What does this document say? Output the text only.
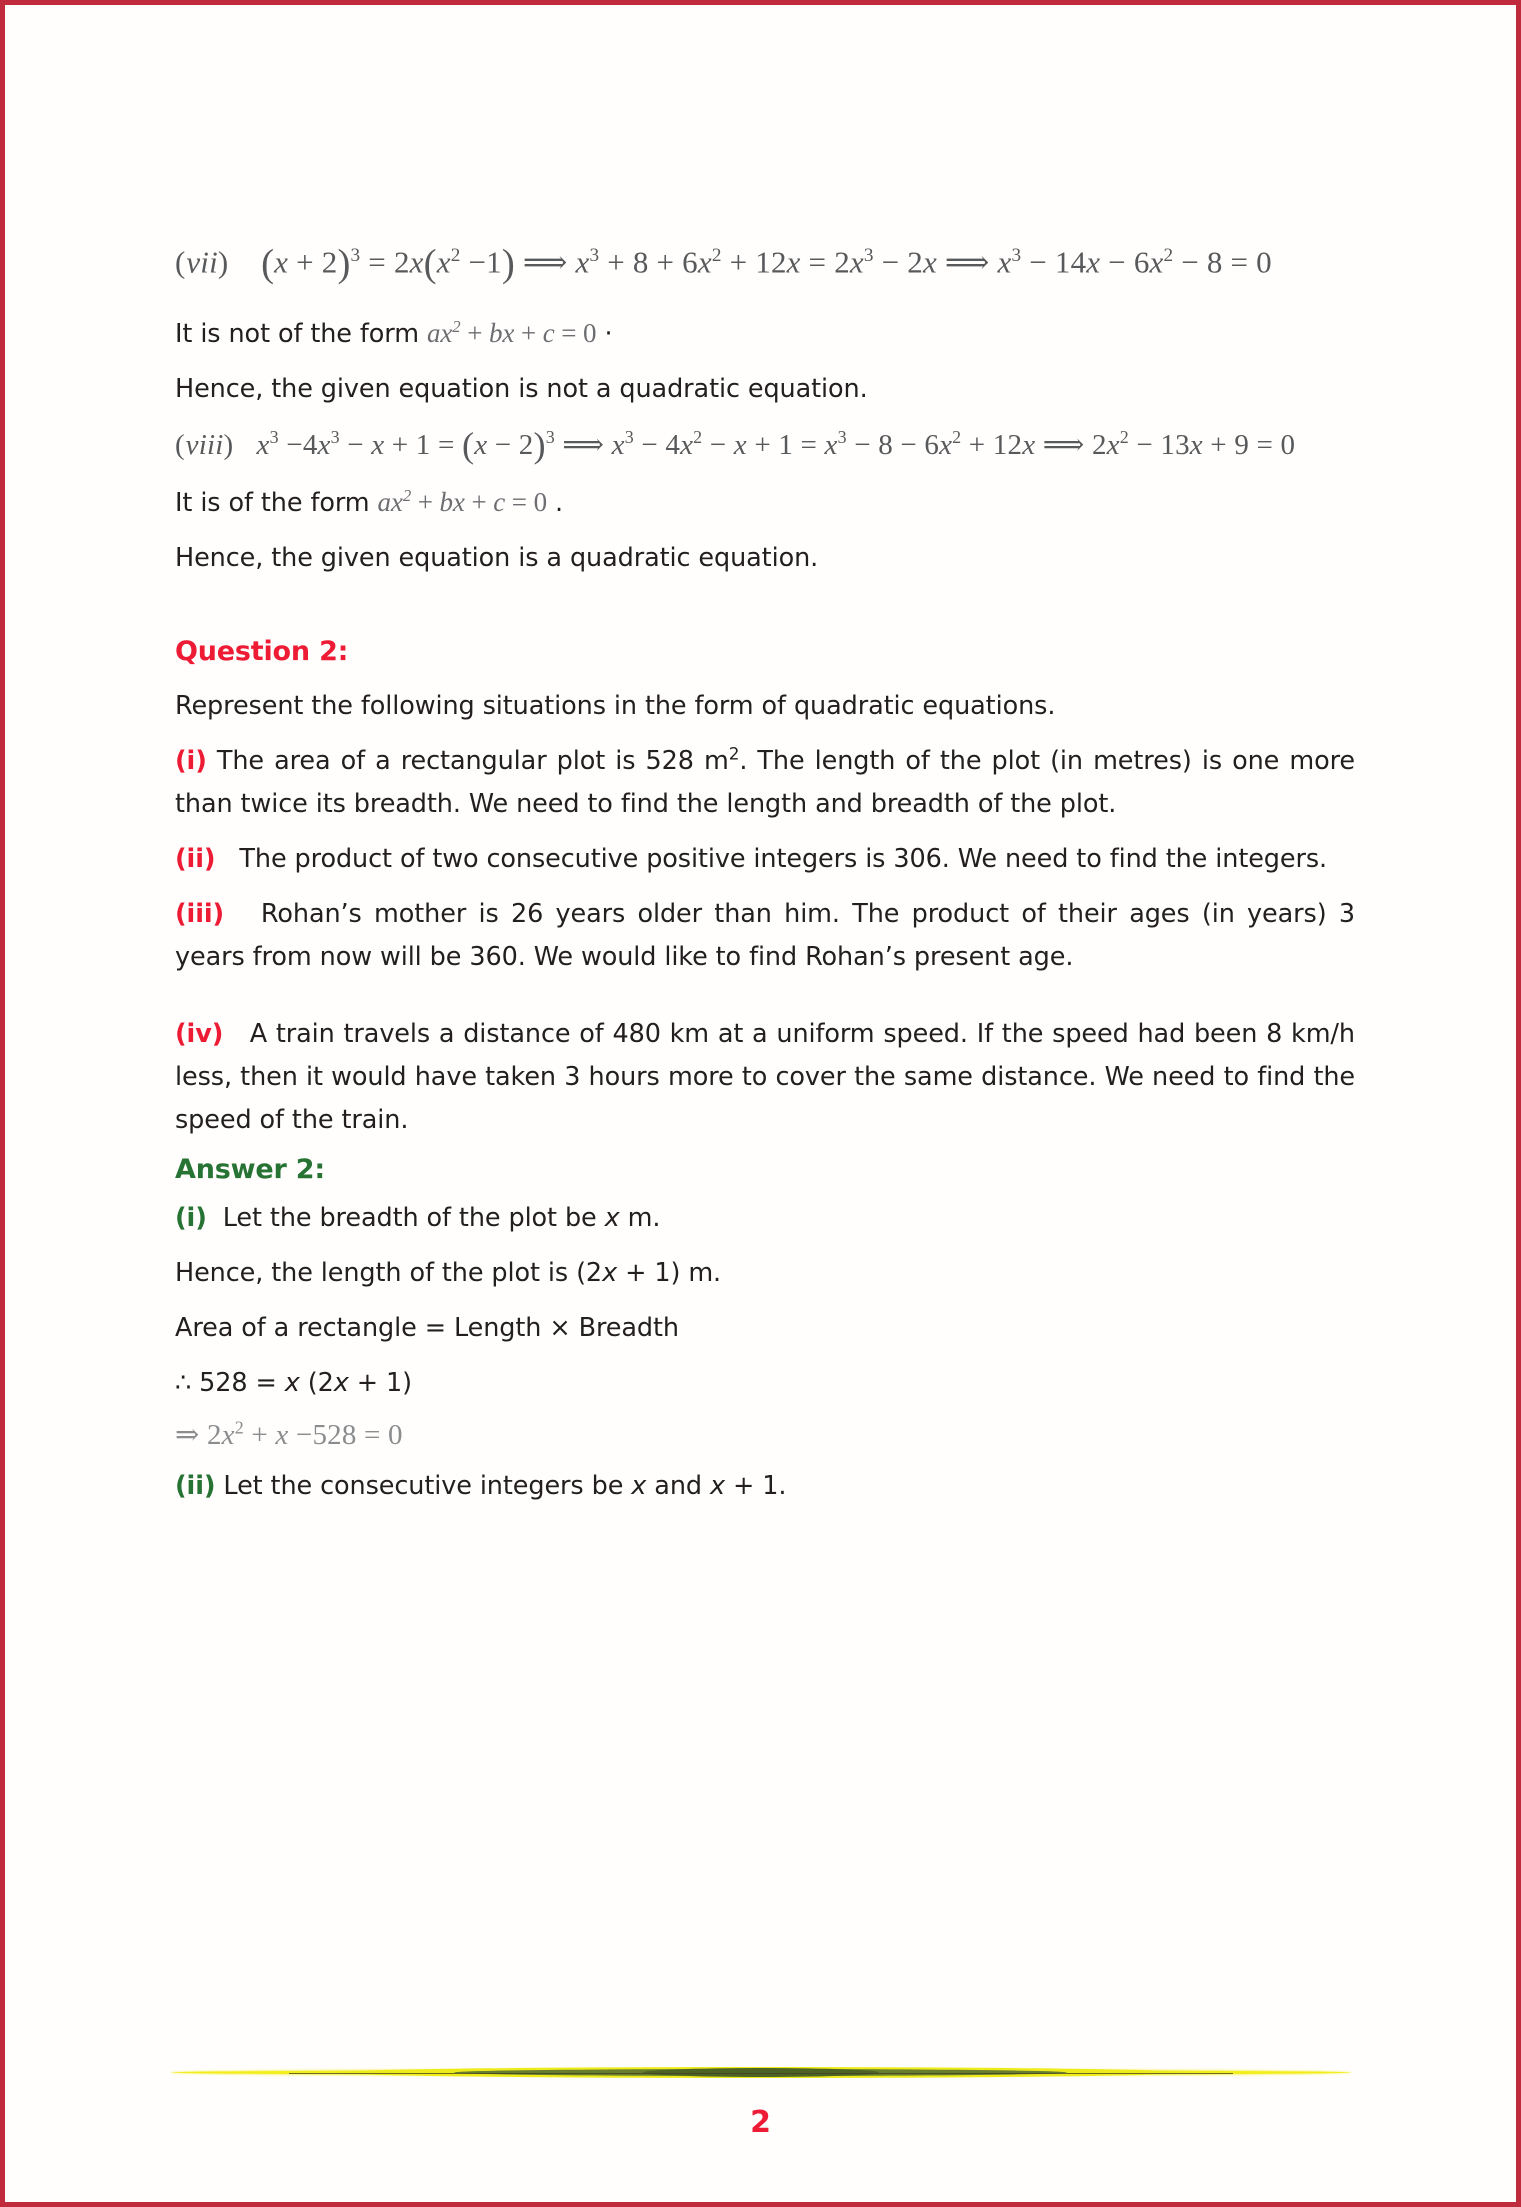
(vii) $(x + 2)^3 = 2x(x^2 -1)$ ⟹ $x^3 + 8 + 6x^2 + 12x = 2x^3 - 2x$ ⟹ $x^3 - 14x - 6x^2 - 8 = 0$
It is not of the form $ax^2$ + bx + c = 0 ·
Hence, the given equation is not a quadratic equation.
(viii) $x^3 -4x^3 - x + 1 = (x - 2)^3$ ⟹ $x^3 - 4x^2 - x + 1 = x^3 - 8 - 6x^2 + 12x$ ⟹ $2x^2 - 13x + 9 = 0$
It is of the form $ax^2$ + bx + c = 0 .
Hence, the given equation is a quadratic equation.
Question 2:
Represent the following situations in the form of quadratic equations.
(i) The area of a rectangular plot is 528 $m^2$. The length of the plot (in metres) is one more than twice its breadth. We need to find the length and breadth of the plot.
(ii) The product of two consecutive positive integers is 306. We need to find the integers.
(iii) Rohan’s mother is 26 years older than him. The product of their ages (in years) 3 years from now will be 360. We would like to find Rohan’s present age.
(iv) A train travels a distance of 480 km at a uniform speed. If the speed had been 8 km/h less, then it would have taken 3 hours more to cover the same distance. We need to find the speed of the train.
Answer 2:
(i) Let the breadth of the plot be x m.
Hence, the length of the plot is (2x + 1) m.
Area of a rectangle = Length × Breadth
∴ 528 = x (2x + 1)
⇒ $2x^2 + x -528 = 0$
(ii) Let the consecutive integers be x and x + 1.
2
